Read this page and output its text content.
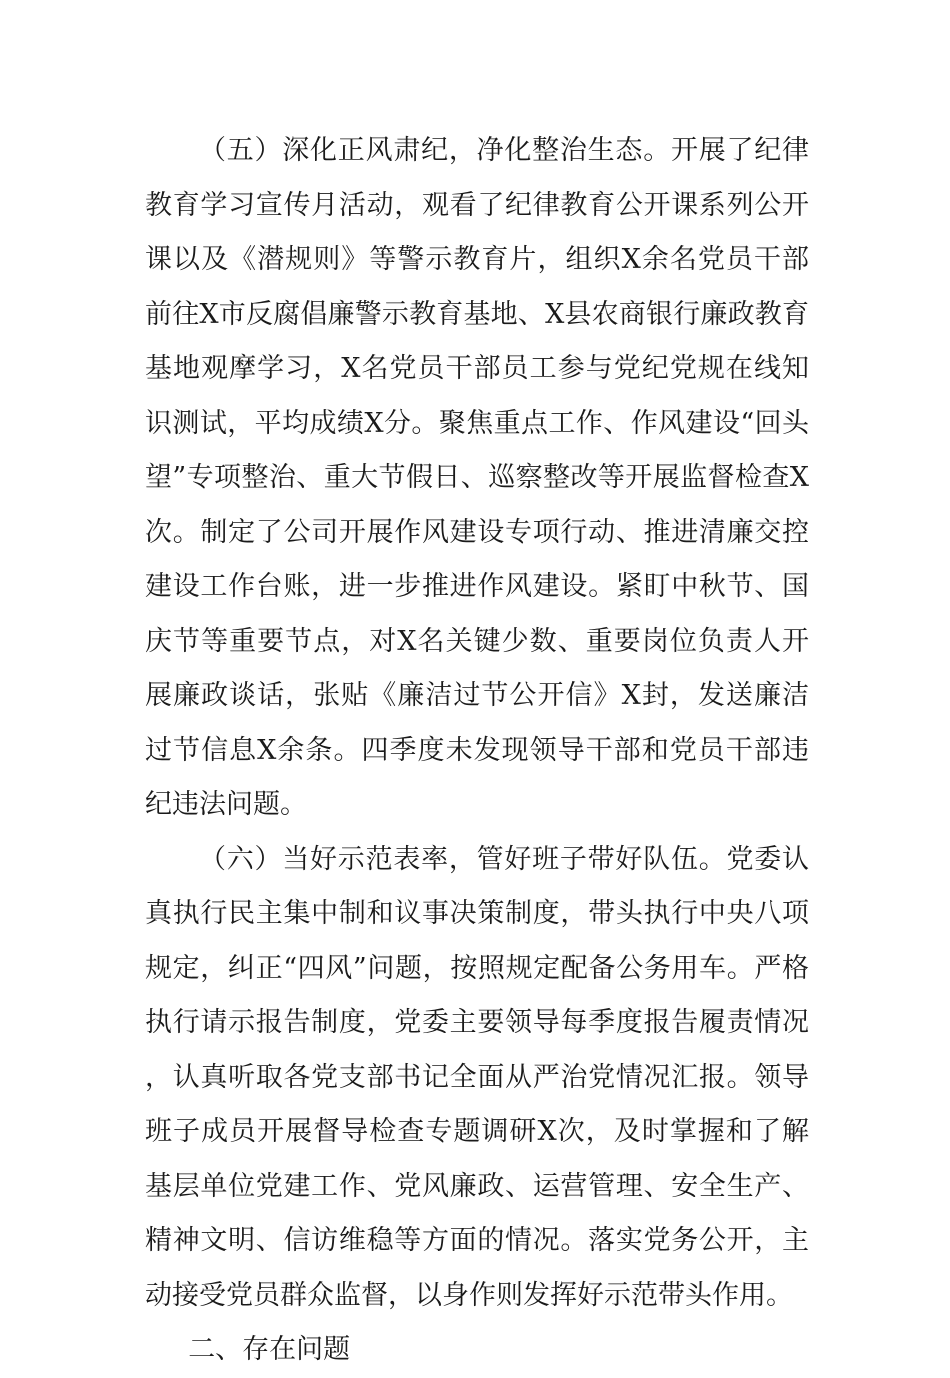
（五）深化正风肃纪，净化整治生态。开展了纪律教育学习宣传月活动，观看了纪律教育公开课系列公开课以及《潜规则》等警示教育片，组织X余名党员干部前往X市反腐倡廉警示教育基地、X县农商银行廉政教育基地观摩学习，X名党员干部员工参与党纪党规在线知识测试，平均成绩X分。聚焦重点工作、作风建设“回头望”专项整治、重大节假日、巡察整改等开展监督检查X次。制定了公司开展作风建设专项行动、推进清廉交控建设工作台账，进一步推进作风建设。紧盯中秋节、国庆节等重要节点，对X名关键少数、重要岗位负责人开展廉政谈话，张贴《廉洁过节公开信》X封，发送廉洁过节信息X余条。四季度未发现领导干部和党员干部违纪违法问题。

（六）当好示范表率，管好班子带好队伍。党委认真执行民主集中制和议事决策制度，带头执行中央八项规定，纠正“四风”问题，按照规定配备公务用车。严格执行请示报告制度，党委主要领导每季度报告履责情况，认真听取各党支部书记全面从严治党情况汇报。领导班子成员开展督导检查专题调研X次，及时掌握和了解基层单位党建工作、党风廉政、运营管理、安全生产、精神文明、信访维稳等方面的情况。落实党务公开，主动接受党员群众监督，以身作则发挥好示范带头作用。

二、存在问题
